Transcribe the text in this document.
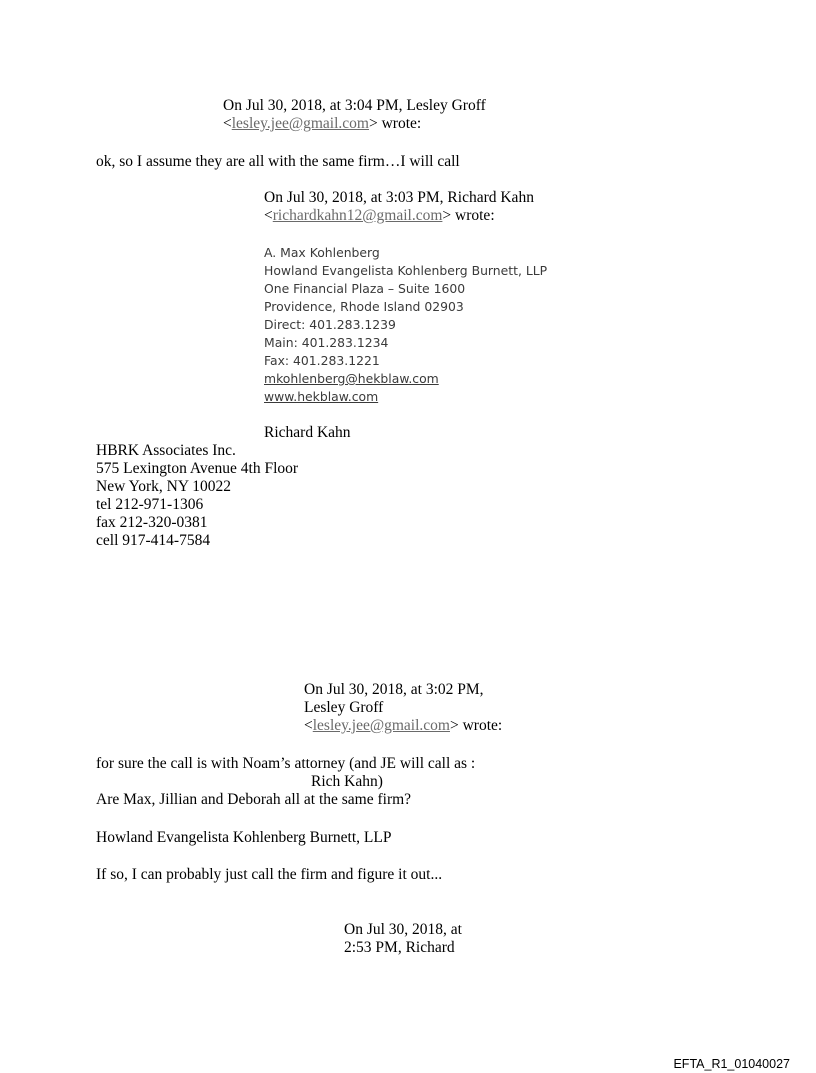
On Jul 30, 2018, at 3:04 PM, Lesley Groff
<lesley.jee@gmail.com> wrote:
ok, so I assume they are all with the same firm…I will call
On Jul 30, 2018, at 3:03 PM, Richard Kahn
<richardkahn12@gmail.com> wrote:
A. Max Kohlenberg
Howland Evangelista Kohlenberg Burnett, LLP
One Financial Plaza – Suite 1600
Providence, Rhode Island 02903
Direct: 401.283.1239
Main: 401.283.1234
Fax: 401.283.1221
mkohlenberg@hekblaw.com
www.hekblaw.com
Richard Kahn
HBRK Associates Inc.
575 Lexington Avenue 4th Floor
New York, NY 10022
tel 212-971-1306
fax 212-320-0381
cell 917-414-7584
On Jul 30, 2018, at 3:02 PM,
Lesley Groff
<lesley.jee@gmail.com> wrote:
for sure the call is with Noam’s attorney (and JE will call as :
Rich Kahn)
Are Max, Jillian and Deborah all at the same firm?
Howland Evangelista Kohlenberg Burnett, LLP
If so, I can probably just call the firm and figure it out...
On Jul 30, 2018, at
2:53 PM, Richard
EFTA_R1_01040027
